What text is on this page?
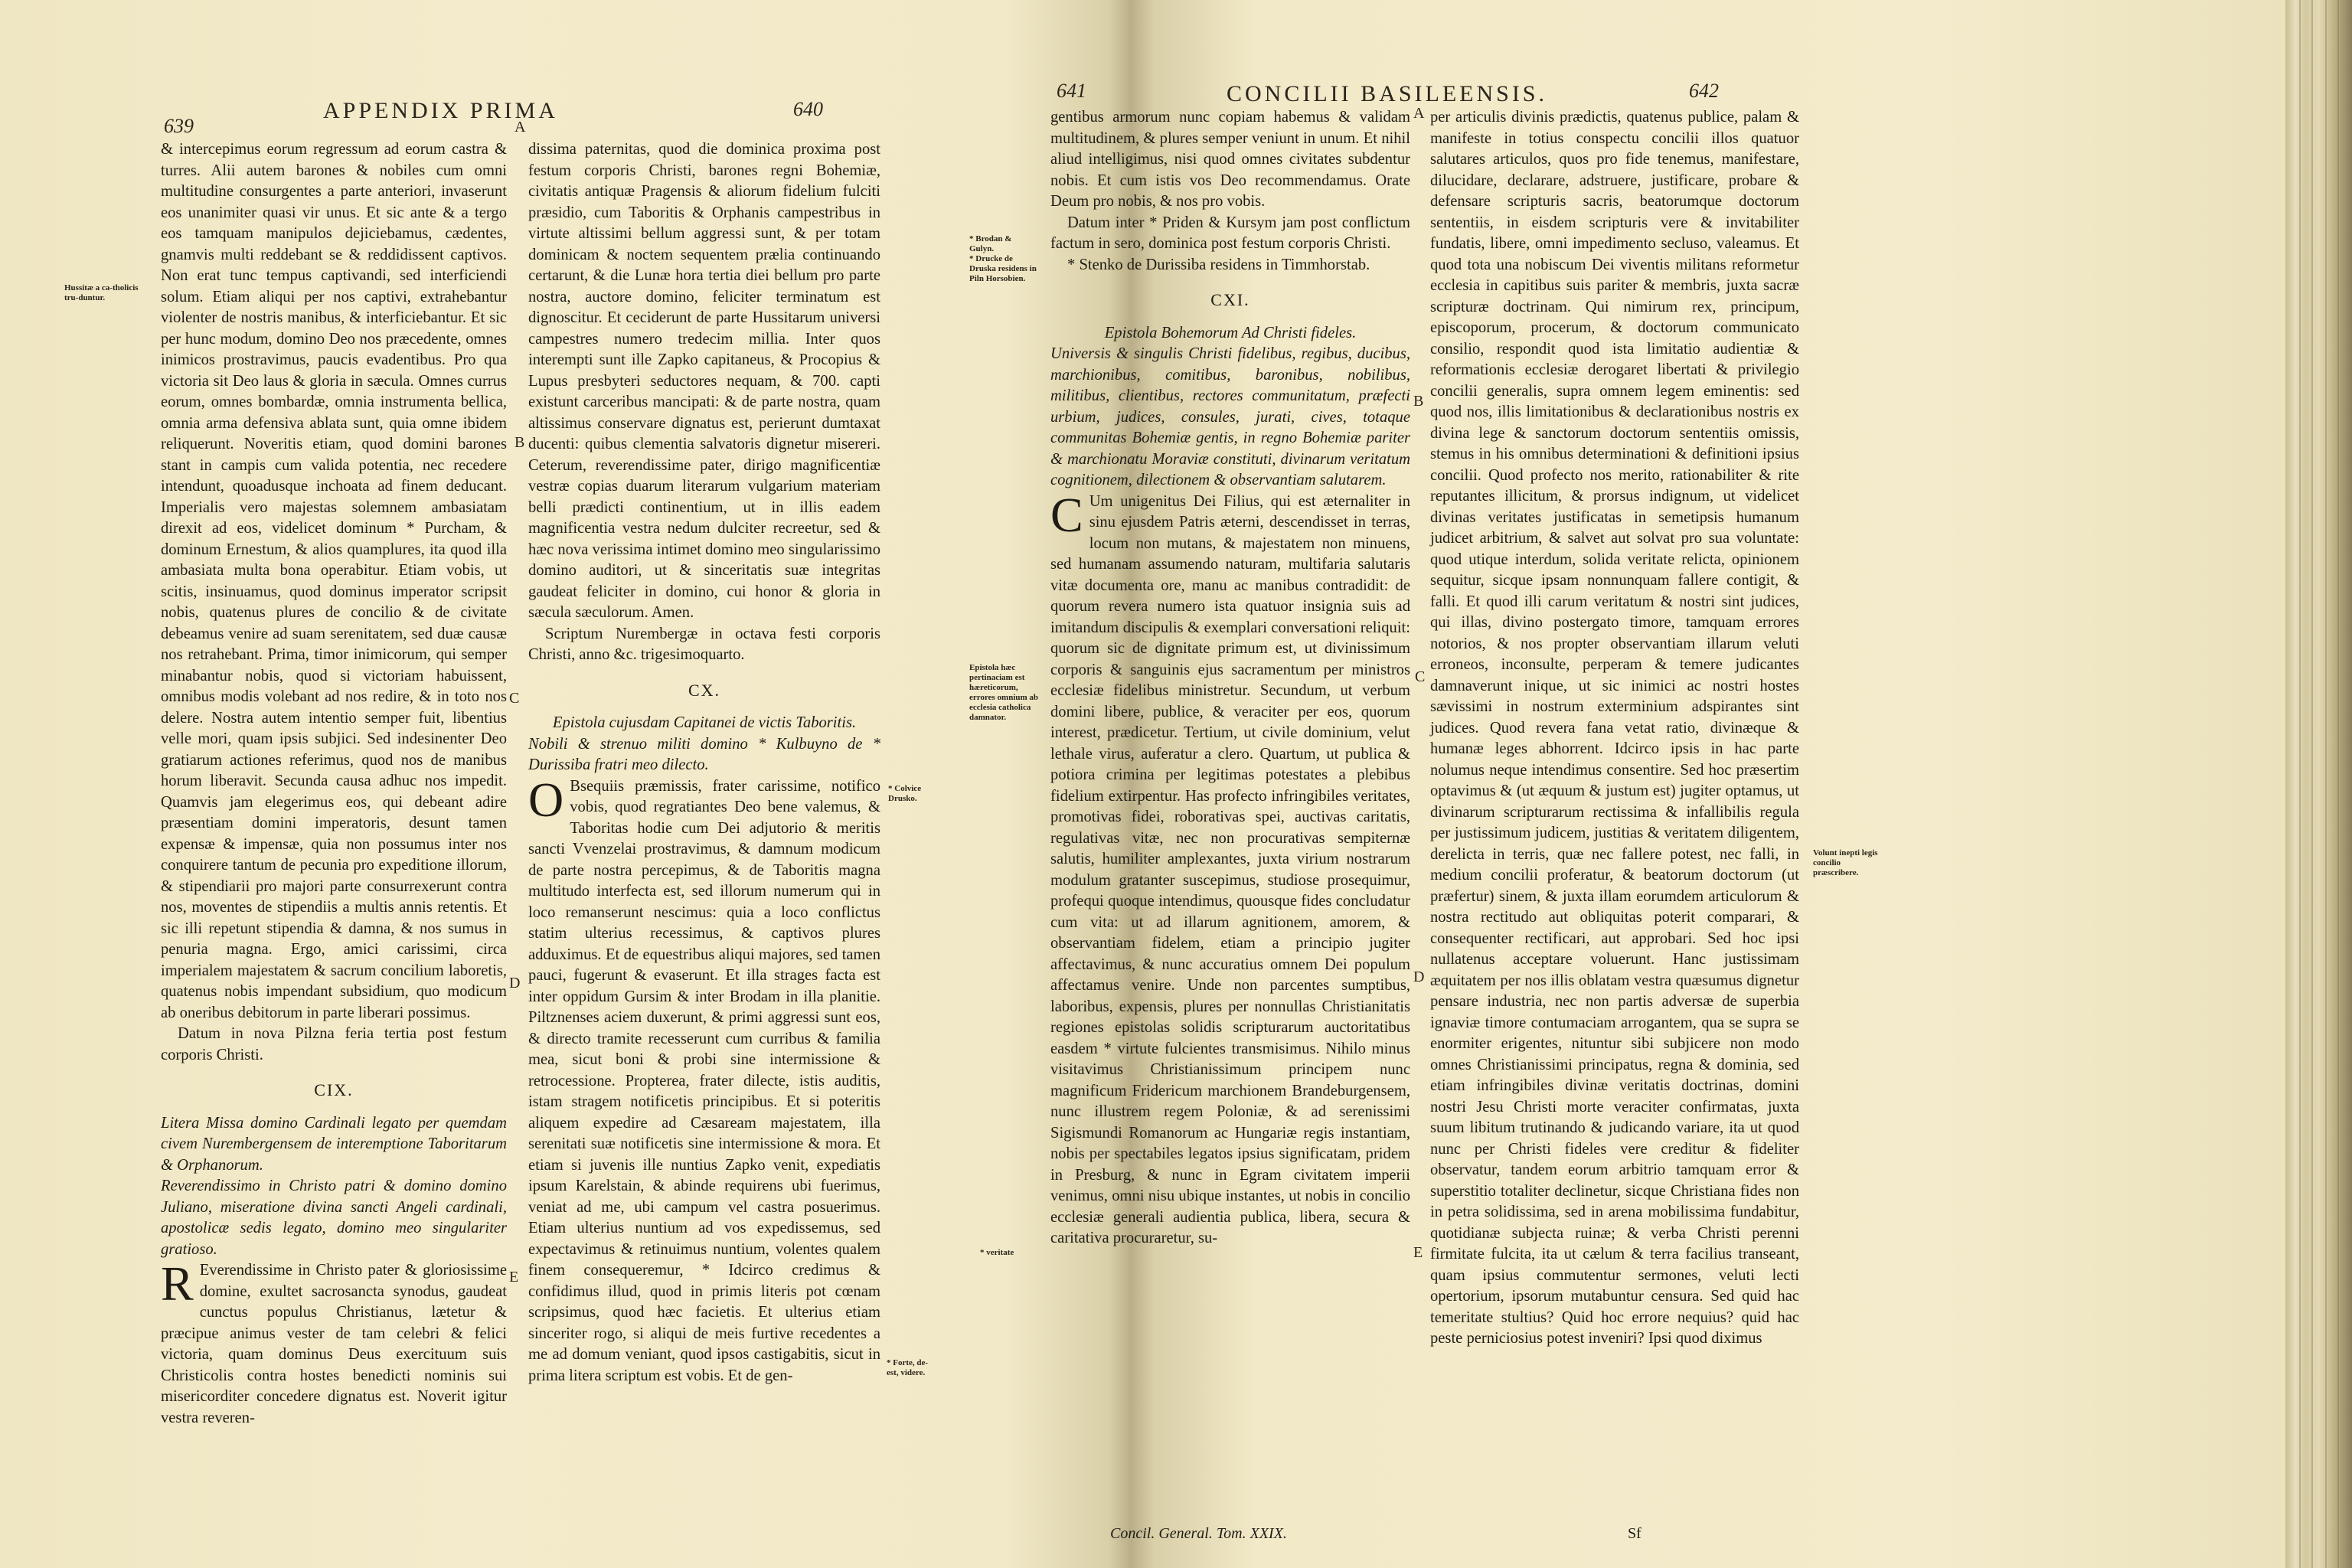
639
APPENDIX PRIMA	640
Hussitæ a ca-tholicis tru-duntur.

& intercepimus eorum regressum ad eorum castra & turres. Alii autem barones & nobiles cum omni multitudine consurgentes a parte anteriori, invaserunt eos unanimiter quasi vir unus. Et sic ante & a tergo eos tamquam manipulos dejiciebamus, cædentes, gnamvis multi reddebant se & reddidissent captivos. Non erat tunc tempus captivandi, sed interficiendi solum. Etiam aliqui per nos captivi, extrahebantur violenter de nostris manibus, & interficiebantur. Et sic per hunc modum, domino Deo nos præcedente, omnes inimicos prostravimus, paucis evadentibus. Pro qua victoria sit Deo laus & gloria in sæcula. Omnes currus eorum, omnes bombardæ, omnia instrumenta bellica, omnia arma defensiva ablata sunt, quia omne ibidem reliquerunt. Noveritis etiam, quod domini barones stant in campis cum valida potentia, nec recedere intendunt, quoadusque inchoata ad finem deducant. Imperialis vero majestas solemnem ambasiatam direxit ad eos, videlicet dominum * Purcham, & dominum Ernestum, & alios quamplures, ita quod illa ambasiata multa bona operabitur. Etiam vobis, ut scitis, insinuamus, quod dominus imperator scripsit nobis, quatenus plures de concilio & de civitate debeamus venire ad suam serenitatem, sed duæ causæ nos retrahebant. Prima, timor inimicorum, qui semper minabantur nobis, quod si victoriam habuissent, omnibus modis volebant ad nos redire, & in toto nos delere. Nostra autem intentio semper fuit, libentius velle mori, quam ipsis subjici. Sed indesinenter Deo gratiarum actiones referimus, quod nos de manibus horum liberavit. Secunda causa adhuc nos impedit. Quamvis jam elegerimus eos, qui debeant adire præsentiam domini imperatoris, desunt tamen expensæ & impensæ, quia non possumus inter nos conquirere tantum de pecunia pro expeditione illorum, & stipendiarii pro majori parte consurrexerunt contra nos, moventes de stipendiis a multis annis retentis. Et sic illi repetunt stipendia & damna, & nos sumus in penuria magna. Ergo, amici carissimi, circa imperialem majestatem & sacrum concilium laboretis, quatenus nobis impendant subsidium, quo modicum ab oneribus debitorum in parte liberari possimus.

Datum in nova Pilzna feria tertia post festum corporis Christi.

CIX.

Litera Missa domino Cardinali legato per quemdam civem Nurembergensem de interemptione Taboritarum & Orphanorum.

Reverendissimo in Christo patri & domino domino Juliano, miseratione divina sancti Angeli cardinali, apostolicæ sedis legato, domino meo singulariter gratioso.

R Everendissime in Christo pater & gloriosissime domine, exultet sacrosancta synodus, gaudeat cunctus populus Christianus, lætetur & præcipue animus vester de tam celebri & felici victoria, quam dominus Deus exercituum suis Christicolis contra hostes benedicti nominis sui misericorditer concedere dignatus est. Noverit igitur vestra reveren-

dissima paternitas, quod die dominica proxima post festum corporis Christi, barones regni Bohemiæ, civitatis antiquæ Pragensis & aliorum fidelium fulciti præsidio, cum Taboritis & Orphanis campestribus in virtute altissimi bellum aggressi sunt, & per totam dominicam & noctem sequentem prælia continuando certarunt, & die Lunæ hora tertia diei bellum pro parte nostra, auctore domino, feliciter terminatum est dignoscitur. Et ceciderunt de parte Hussitarum universi campestres numero tredecim millia. Inter quos interempti sunt ille Zapko capitaneus, & Procopius & Lupus presbyteri seductores nequam, & 700. capti existunt carceribus mancipati: & de parte nostra, quam altissimus conservare dignatus est, perierunt dumtaxat ducenti: quibus clementia salvatoris dignetur misereri. Ceterum, reverendissime pater, dirigo magnificentiæ vestræ copias duarum literarum vulgarium materiam belli prædicti continentium, ut in illis eadem magnificentia vestra nedum dulciter recreetur, sed & hæc nova verissima intimet domino meo singularissimo domino auditori, ut & sinceritatis suæ integritas gaudeat feliciter in domino, cui honor & gloria in sæcula sæculorum. Amen.

Scriptum Nurembergæ in octava festi corporis Christi, anno &c. trigesimoquarto.

CX.

Epistola cujusdam Capitanei de victis Taboritis.

Nobili & strenuo militi domino * Kulbuyno de * Durissiba fratri meo dilecto.

O Bsequiis præmissis, frater carissime, notifico vobis, quod regratiantes Deo bene valemus, & Taboritas hodie cum Dei adjutorio & meritis sancti Vvenzelai prostravimus, & damnum modicum de parte nostra percepimus, & de Taboritis magna multitudo interfecta est, sed illorum numerum qui in loco remanserunt nescimus: quia a loco conflictus statim ulterius recessimus, & captivos plures adduximus. Et de equestribus aliqui majores, sed tamen pauci, fugerunt & evaserunt. Et illa strages facta est inter oppidum Gursim & inter Brodam in illa planitie. Piltznenses aciem duxerunt, & primi aggressi sunt eos, & directo tramite recesserunt cum curribus & familia mea, sicut boni & probi sine intermissione & retrocessione. Propterea, frater dilecte, istis auditis, istam stragem notificetis principibus. Et si poteritis aliquem expedire ad Cæsaream majestatem, illa serenitati suæ notificetis sine intermissione & mora. Et etiam si juvenis ille nuntius Zapko venit, expediatis ipsum Karelstain, & abinde requirens ubi fuerimus, veniat ad me, ubi campum vel castra posuerimus. Etiam ulterius nuntium ad vos expedissemus, sed expectavimus & retinuimus nuntium, volentes qualem finem consequeremur, * Idcirco credimus & confidimus illud, quod in primis literis pot cœnam scripsimus, quod hæc facietis. Et ulterius etiam sinceriter rogo, si aliqui de meis furtive recedentes a me ad domum veniant, quod ipsos castigabitis, sicut in prima litera scriptum est vobis. Et de gen-

A
B
C
D
E
* Colvice Drusko.
* Forte, de-est, videre.
641	CONCILII BASILEENSIS.	642
* Brodan & Gulyn.
* Drucke de Druska residens in Piln Horsobien.
Epistola hæc pertinaciam est hæreticorum, errores omnium ab ecclesia catholica damnator.
* veritate
Volunt inepti legis concilio præscribere.

gentibus armorum nunc copiam habemus & validam multitudinem, & plures semper veniunt in unum. Et nihil aliud intelligimus, nisi quod omnes civitates subdentur nobis. Et cum istis vos Deo recommendamus. Orate Deum pro nobis, & nos pro vobis.

Datum inter * Priden & Kursym jam post conflictum factum in sero, dominica post festum corporis Christi.

* Stenko de Durissiba residens in Timmhorstab.

CXI.

Epistola Bohemorum Ad Christi fideles.

Universis & singulis Christi fidelibus, regibus, ducibus, marchionibus, comitibus, baronibus, nobilibus, militibus, clientibus, rectores communitatum, præfecti urbium, judices, consules, jurati, cives, totaque communitas Bohemiæ gentis, in regno Bohemiæ pariter & marchionatu Moraviæ constituti, divinarum veritatum cognitionem, dilectionem & observantiam salutarem.

C Um unigenitus Dei Filius, qui est æternaliter in sinu ejusdem Patris æterni, descendisset in terras, locum non mutans, & majestatem non minuens, sed humanam assumendo naturam, multifaria salutaris vitæ documenta ore, manu ac manibus contradidit: de quorum revera numero ista quatuor insignia suis ad imitandum discipulis & exemplari conversationi reliquit: quorum sic de dignitate primum est, ut divinissimum corporis & sanguinis ejus sacramentum per ministros ecclesiæ fidelibus ministretur. Secundum, ut verbum domini libere, publice, & veraciter per eos, quorum interest, prædicetur. Tertium, ut civile dominium, velut lethale virus, auferatur a clero. Quartum, ut publica & potiora crimina per legitimas potestates a plebibus fidelium extirpentur. Has profecto infringibiles veritates, promotivas fidei, roborativas spei, auctivas caritatis, regulativas vitæ, nec non procurativas sempiternæ salutis, humiliter amplexantes, juxta virium nostrarum modulum gratanter suscepimus, studiose prosequimur, profequi quoque intendimus, quousque fides concludatur cum vita: ut ad illarum agnitionem, amorem, & observantiam fidelem, etiam a principio jugiter affectavimus, & nunc accuratius omnem Dei populum affectamus venire. Unde non parcentes sumptibus, laboribus, expensis, plures per nonnullas Christianitatis regiones epistolas solidis scripturarum auctoritatibus easdem * virtute fulcientes transmisimus. Nihilo minus visitavimus Christianissimum principem nunc magnificum Fridericum marchionem Brandeburgensem, nunc illustrem regem Poloniæ, & ad serenissimi Sigismundi Romanorum ac Hungariæ regis instantiam, nobis per spectabiles legatos ipsius significatam, pridem in Presburg, & nunc in Egram civitatem imperii venimus, omni nisu ubique instantes, ut nobis in concilio ecclesiæ generali audientia publica, libera, secura & caritativa procuraretur, su-

per articulis divinis prædictis, quatenus publice, palam & manifeste in totius conspectu concilii illos quatuor salutares articulos, quos pro fide tenemus, manifestare, dilucidare, declarare, adstruere, justificare, probare & defensare scripturis sacris, beatorumque doctorum sententiis, in eisdem scripturis vere & invitabiliter fundatis, libere, omni impedimento secluso, valeamus. Et quod tota una nobiscum Dei viventis militans reformetur ecclesia in capitibus suis pariter & membris, juxta sacræ scripturæ doctrinam. Qui nimirum rex, principum, episcoporum, procerum, & doctorum communicato consilio, respondit quod ista limitatio audientiæ & reformationis ecclesiæ derogaret libertati & privilegio concilii generalis, supra omnem legem eminentis: sed quod nos, illis limitationibus & declarationibus nostris ex divina lege & sanctorum doctorum sententiis omissis, stemus in his omnibus determinationi & definitioni ipsius concilii. Quod profecto nos merito, rationabiliter & rite reputantes illicitum, & prorsus indignum, ut videlicet divinas veritates justificatas in semetipsis humanum judicet arbitrium, & salvet aut solvat pro sua voluntate: quod utique interdum, solida veritate relicta, opinionem sequitur, sicque ipsam nonnunquam fallere contigit, & falli. Et quod illi carum veritatum & nostri sint judices, qui illas, divino postergato timore, tamquam errores notorios, & nos propter observantiam illarum veluti erroneos, inconsulte, perperam & temere judicantes damnaverunt inique, ut sic inimici ac nostri hostes sævissimi in nostrum exterminium adspirantes sint judices. Quod revera fana vetat ratio, divinæque & humanæ leges abhorrent. Idcirco ipsis in hac parte nolumus neque intendimus consentire. Sed hoc præsertim optavimus & (ut æquum & justum est) jugiter optamus, ut divinarum scripturarum rectissima & infallibilis regula per justissimum judicem, justitias & veritatem diligentem, derelicta in terris, quæ nec fallere potest, nec falli, in medium concilii proferatur, & beatorum doctorum (ut præfertur) sinem, & juxta illam eorumdem articulorum & nostra rectitudo aut obliquitas poterit comparari, & consequenter rectificari, aut approbari. Sed hoc ipsi nullatenus acceptare voluerunt. Hanc justissimam æquitatem per nos illis oblatam vestra quæsumus dignetur pensare industria, nec non partis adversæ de superbia ignaviæ timore contumaciam arrogantem, qua se supra se enormiter erigentes, nituntur sibi subjicere non modo omnes Christianissimi principatus, regna & dominia, sed etiam infringibiles divinæ veritatis doctrinas, domini nostri Jesu Christi morte veraciter confirmatas, juxta suum libitum trutinando & judicando variare, ita ut quod nunc per Christi fideles vere creditur & fideliter observatur, tandem eorum arbitrio tamquam error & superstitio totaliter declinetur, sicque Christiana fides non in petra solidissima, sed in arena mobilissima fundabitur, quotidianæ subjecta ruinæ; & verba Christi perenni firmitate fulcita, ita ut cælum & terra facilius transeant, quam ipsius commutentur sermones, veluti lecti opertorium, ipsorum mutabuntur censura. Sed quid hac temeritate stultius? Quid hoc errore nequius? quid hac peste perniciosius potest inveniri? Ipsi quod diximus

A
B
C
D
E
Concil. General. Tom. XXIX.	Sf
